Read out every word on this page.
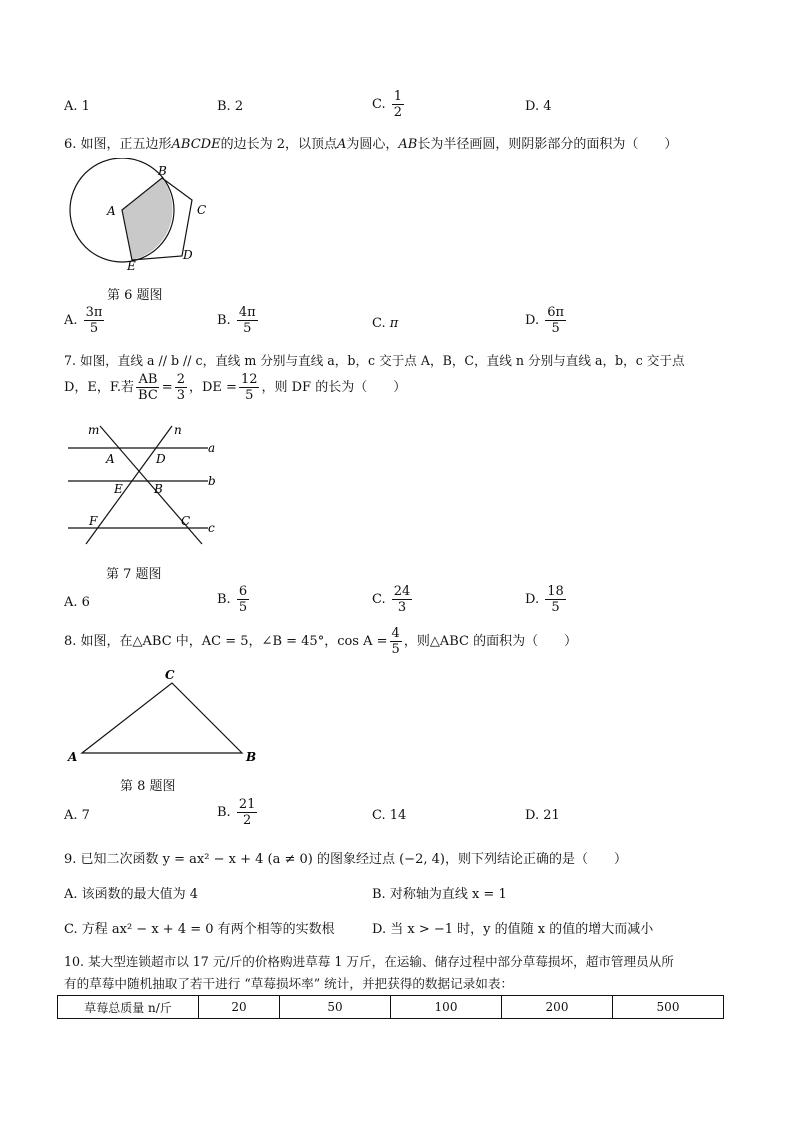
A. 1	B. 2	C. $\frac{1}{2}$	D. 4
6. 如图，正五边形ABCDE的边长为 2，以顶点A为圆心，AB长为半径画圆，则阴影部分的面积为（　　）
A
B
C
D
E
第 6 题图
A. $\frac{3\pi}{5}$	B. $\frac{4\pi}{5}$	C. π	D. $\frac{6\pi}{5}$
7. 如图，直线 a // b // c，直线 m 分别与直线 a，b，c 交于点 A，B，C，直线 n 分别与直线 a，b，c 交于点
D，E，F.若 $\frac{AB}{BC} = \frac{2}{3}$ ，DE = $\frac{12}{5}$ ，则 DF 的长为（　　）
m	n
a
b
c
A	D
E	B
F	C
第 7 题图
A. 6	B. $\frac{6}{5}$	C. $\frac{24}{3}$	D. $\frac{18}{5}$
8. 如图，在△ABC 中，AC = 5，∠B = 45°，$\cos A = \frac{4}{5}$ ，则△ABC 的面积为（　　）
A	B
C
第 8 题图
A. 7	B. $\frac{21}{2}$	C. 14	D. 21
9. 已知二次函数 y = ax² − x + 4 (a ≠ 0) 的图象经过点 (−2, 4)，则下列结论正确的是（　　）
A. 该函数的最大值为 4	B. 对称轴为直线 x = 1
C. 方程 ax² − x + 4 = 0 有两个相等的实数根	D. 当 x > −1 时，y 的值随 x 的值的增大而减小
10. 某大型连锁超市以 17 元/斤的价格购进草莓 1 万斤，在运输、储存过程中部分草莓损坏，超市管理员从所
有的草莓中随机抽取了若干进行 “草莓损坏率” 统计，并把获得的数据记录如表：
草莓总质量 n/斤	20	50	100	200	500
